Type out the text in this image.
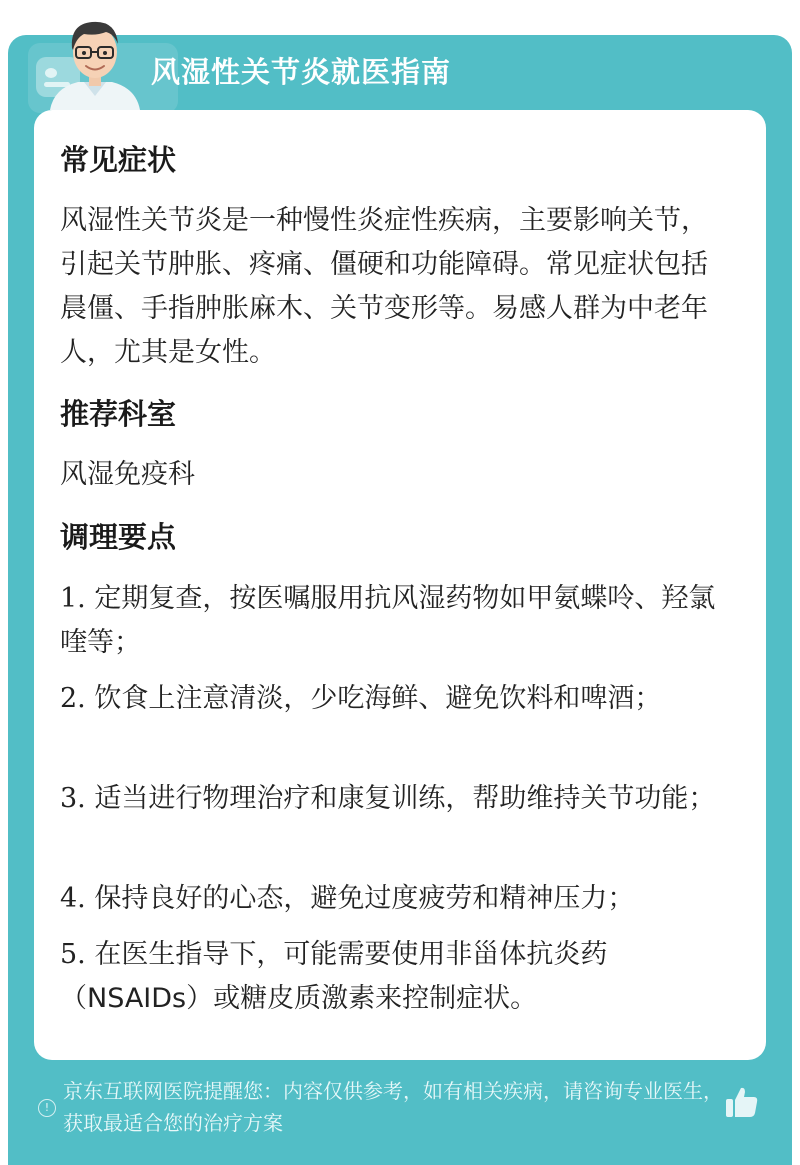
风湿性关节炎就医指南
常见症状
风湿性关节炎是一种慢性炎症性疾病，主要影响关节，引起关节肿胀、疼痛、僵硬和功能障碍。常见症状包括晨僵、手指肿胀麻木、关节变形等。易感人群为中老年人，尤其是女性。
推荐科室
风湿免疫科
调理要点
1. 定期复查，按医嘱服用抗风湿药物如甲氨蝶呤、羟氯喹等；
2. 饮食上注意清淡，少吃海鲜、避免饮料和啤酒；
3. 适当进行物理治疗和康复训练，帮助维持关节功能；
4. 保持良好的心态，避免过度疲劳和精神压力；
5. 在医生指导下，可能需要使用非甾体抗炎药（NSAIDs）或糖皮质激素来控制症状。
!
京东互联网医院提醒您：内容仅供参考，如有相关疾病，请咨询专业医生，获取最适合您的治疗方案
